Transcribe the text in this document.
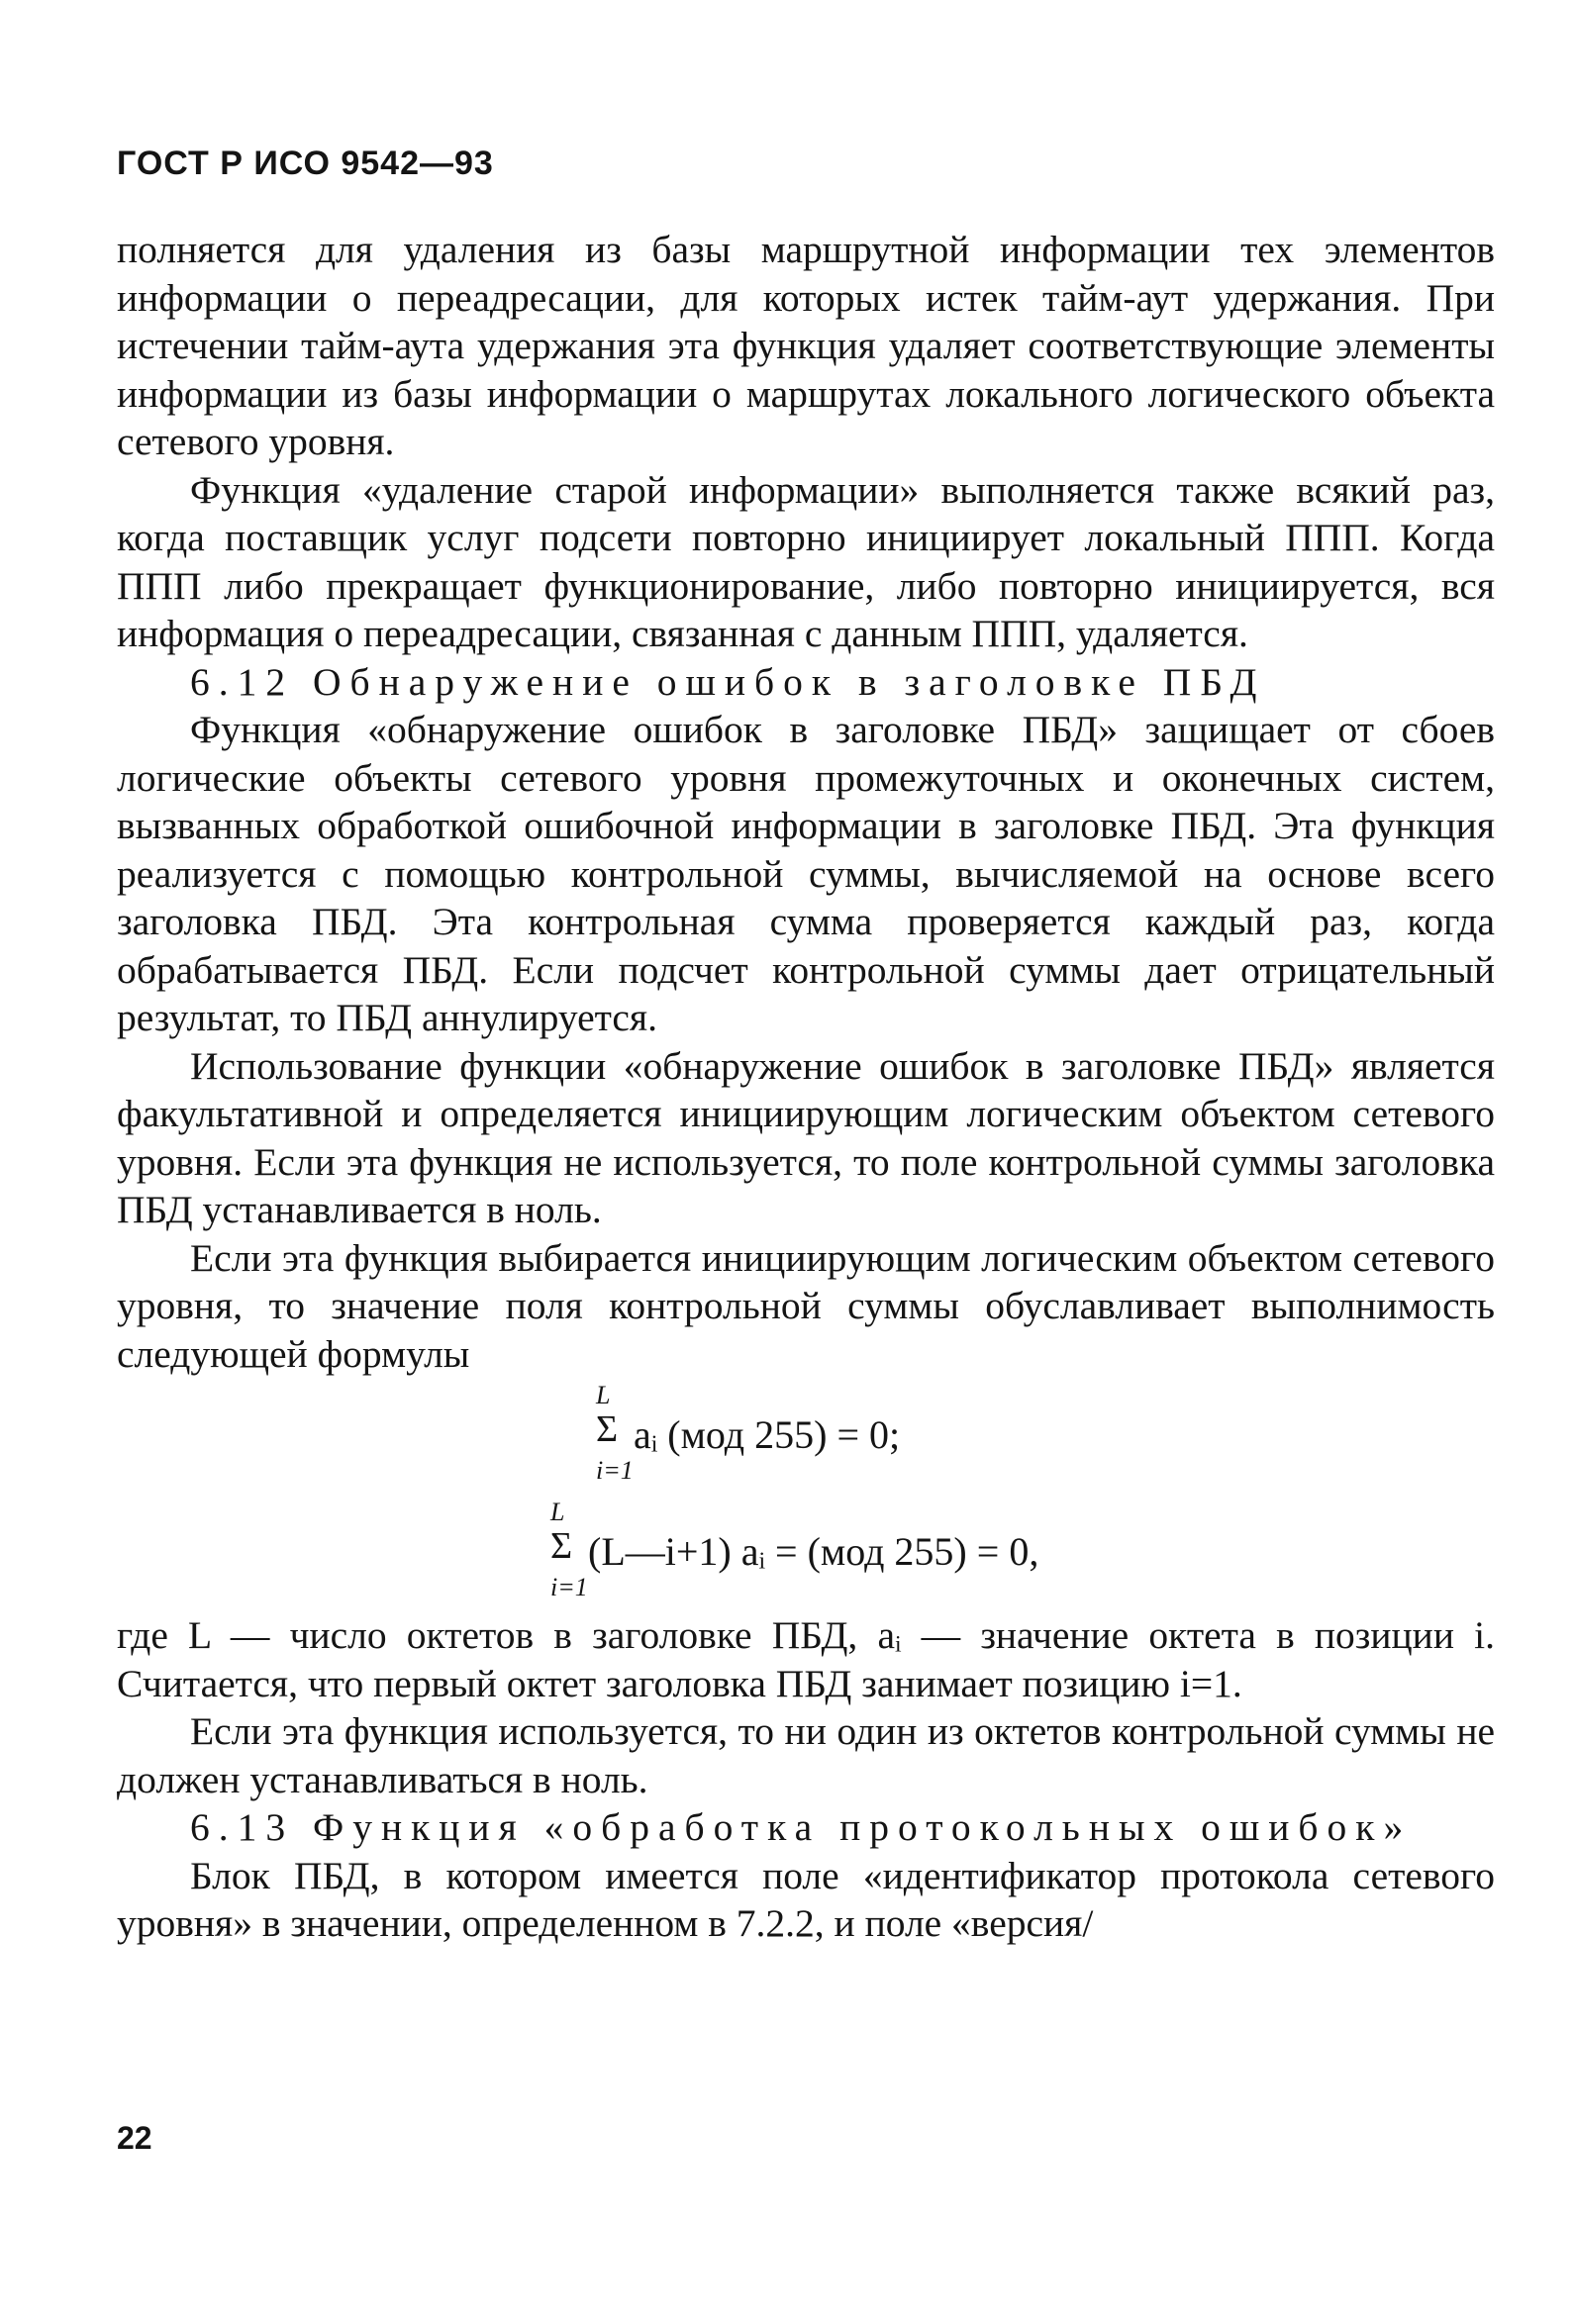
ГОСТ Р ИСО 9542—93

полняется для удаления из базы маршрутной информации тех элементов информации о переадресации, для которых истек тайм-аут удержания. При истечении тайм-аута удержания эта функция удаляет соответствующие элементы информации из базы информации о маршрутах локального логического объекта сетевого уровня.

Функция «удаление старой информации» выполняется также всякий раз, когда поставщик услуг подсети повторно инициирует локальный ППП. Когда ППП либо прекращает функционирование, либо повторно инициируется, вся информация о переадресации, связанная с данным ППП, удаляется.

6.12 Обнаружение ошибок в заголовке ПБД

Функция «обнаружение ошибок в заголовке ПБД» защищает от сбоев логические объекты сетевого уровня промежуточных и оконечных систем, вызванных обработкой ошибочной информации в заголовке ПБД. Эта функция реализуется с помощью контрольной суммы, вычисляемой на основе всего заголовка ПБД. Эта контрольная сумма проверяется каждый раз, когда обрабатывается ПБД. Если подсчет контрольной суммы дает отрицательный результат, то ПБД аннулируется.

Использование функции «обнаружение ошибок в заголовке ПБД» является факультативной и определяется инициирующим логическим объектом сетевого уровня. Если эта функция не используется, то поле контрольной суммы заголовка ПБД устанавливается в ноль.

Если эта функция выбирается инициирующим логическим объектом сетевого уровня, то значение поля контрольной суммы обуславливает выполнимость следующей формулы

L
Σ
i=1
aᵢ (мод 255) = 0;
L
Σ
i=1
(L—i+1) aᵢ = (мод 255) = 0,

где L — число октетов в заголовке ПБД, aᵢ — значение октета в позиции i. Считается, что первый октет заголовка ПБД занимает позицию i=1.

Если эта функция используется, то ни один из октетов контрольной суммы не должен устанавливаться в ноль.

6.13 Функция «обработка протокольных ошибок»

Блок ПБД, в котором имеется поле «идентификатор протокола сетевого уровня» в значении, определенном в 7.2.2, и поле «версия/

22
